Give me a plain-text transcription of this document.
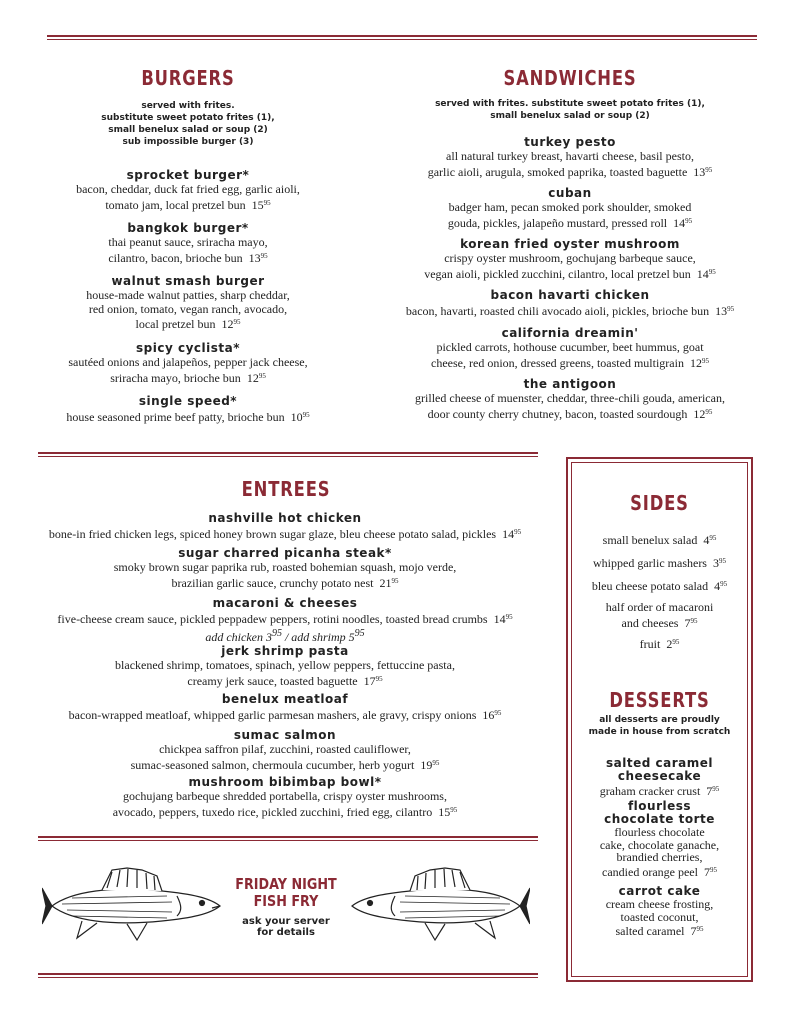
BURGERS
served with frites.
substitute sweet potato frites (1),
small benelux salad or soup (2)
sub impossible burger (3)
sprocket burger*
bacon, cheddar, duck fat fried egg, garlic aioli,
tomato jam, local pretzel bun  $15^{95}$
bangkok burger*
thai peanut sauce, sriracha mayo,
cilantro, bacon, brioche bun  $13^{95}$
walnut smash burger
house-made walnut patties, sharp cheddar,
red onion, tomato, vegan ranch, avocado,
local pretzel bun  $12^{95}$
spicy cyclista*
sautéed onions and jalapeños, pepper jack cheese,
sriracha mayo, brioche bun  $12^{95}$
single speed*
house seasoned prime beef patty, brioche bun  $10^{95}$
SANDWICHES
served with frites. substitute sweet potato frites (1),
small benelux salad or soup (2)
turkey pesto
all natural turkey breast, havarti cheese, basil pesto,
garlic aioli, arugula, smoked paprika, toasted baguette  $13^{95}$
cuban
badger ham, pecan smoked pork shoulder, smoked
gouda, pickles, jalapeño mustard, pressed roll  $14^{95}$
korean fried oyster mushroom
crispy oyster mushroom, gochujang barbeque sauce,
vegan aioli, pickled zucchini, cilantro, local pretzel bun  $14^{95}$
bacon havarti chicken
bacon, havarti, roasted chili avocado aioli, pickles, brioche bun  $13^{95}$
california dreamin'
pickled carrots, hothouse cucumber, beet hummus, goat
cheese, red onion, dressed greens, toasted multigrain  $12^{95}$
the antigoon
grilled cheese of muenster, cheddar, three-chili gouda, american,
door county cherry chutney, bacon, toasted sourdough  $12^{95}$
ENTREES
nashville hot chicken
bone-in fried chicken legs, spiced honey brown sugar glaze, bleu cheese potato salad, pickles  $14^{95}$
sugar charred picanha steak*
smoky brown sugar paprika rub, roasted bohemian squash, mojo verde,
brazilian garlic sauce, crunchy potato nest  $21^{95}$
macaroni & cheeses
five-cheese cream sauce, pickled peppadew peppers, rotini noodles, toasted bread crumbs  $14^{95}$
add chicken $3^{95}$ / add shrimp $5^{95}$
jerk shrimp pasta
blackened shrimp, tomatoes, spinach, yellow peppers, fettuccine pasta,
creamy jerk sauce, toasted baguette  $17^{95}$
benelux meatloaf
bacon-wrapped meatloaf, whipped garlic parmesan mashers, ale gravy, crispy onions  $16^{95}$
sumac salmon
chickpea saffron pilaf, zucchini, roasted cauliflower,
sumac-seasoned salmon, chermoula cucumber, herb yogurt  $19^{95}$
mushroom bibimbap bowl*
gochujang barbeque shredded portabella, crispy oyster mushrooms,
avocado, peppers, tuxedo rice, pickled zucchini, fried egg, cilantro  $15^{95}$
SIDES
small benelux salad  $4^{95}$
whipped garlic mashers  $3^{95}$
bleu cheese potato salad  $4^{95}$
half order of macaroni
and cheeses  $7^{95}$
fruit  $2^{95}$
DESSERTS
all desserts are proudly
made in house from scratch
salted caramel
cheesecake
graham cracker crust  $7^{95}$
flourless
chocolate torte
flourless chocolate
cake, chocolate ganache,
brandied cherries,
candied orange peel  $7^{95}$
carrot cake
cream cheese frosting,
toasted coconut,
salted caramel  $7^{95}$
FRIDAY NIGHT
FISH FRY
ask your server
for details
